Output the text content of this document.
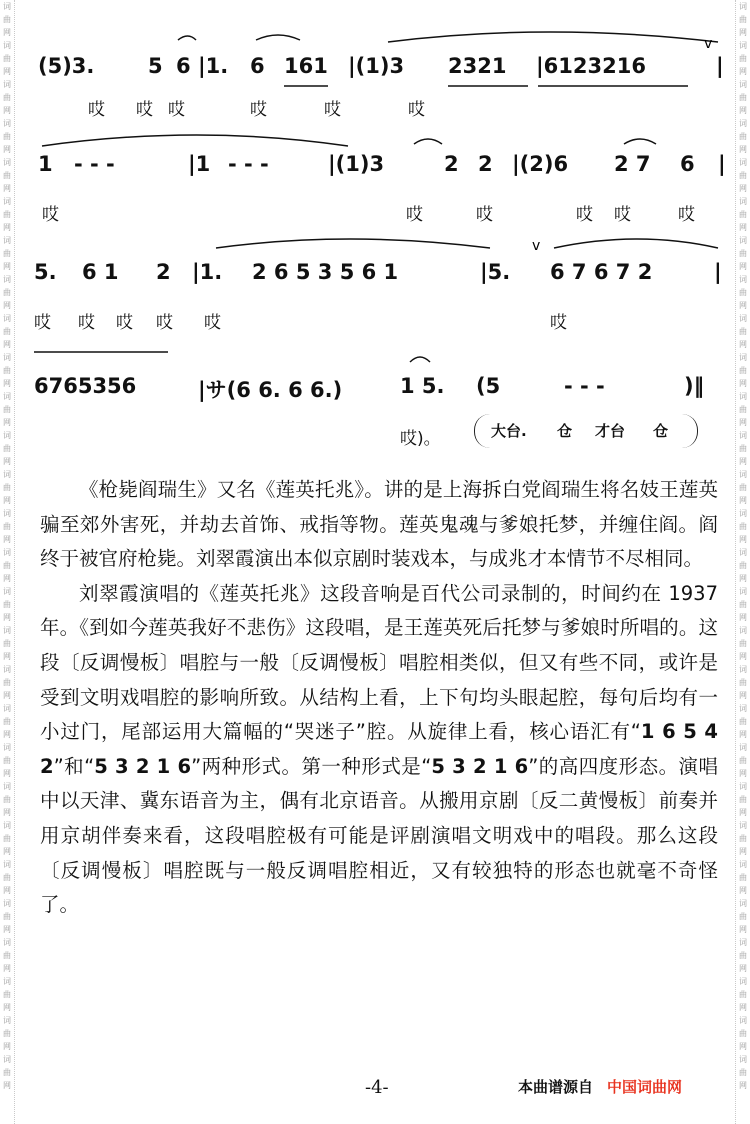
词
曲
网
词
曲
网
词
曲
网
词
曲
网
词
曲
网
词
曲
网
词
曲
网
词
曲
网
词
曲
网
词
曲
网
词
曲
网
词
曲
网
词
曲
网
词
曲
网
词
曲
网
词
曲
网
词
曲
网
词
曲
网
词
曲
网
词
曲
网
词
曲
网
词
曲
网
词
曲
网
词
曲
网
词
曲
网
词
曲
网
词
曲
网
词
曲
网
词
曲
网
词
曲
网
词
曲
网
词
曲
网
词
曲
网
词
曲
网
词
曲
网
词
曲
网
词
曲
网
词
曲
网
词
曲
网
词
曲
网
词
曲
网
词
曲
网
词
曲
网
词
曲
网
词
曲
网
词
曲
网
词
曲
网
词
曲
网
词
曲
网
词
曲
网
词
曲
网
词
曲
网
词
曲
网
词
曲
网
词
曲
网
词
曲
网
(5)3.	5 6 |1. 6 161 |(1)3 2321 |6123216	|
哎 哎 哎	哎	哎	哎
v
1 - - -	|1 - - -	|(1)3	2 2 |(2)6 2 7 6 |
哎	哎	哎	哎 哎	哎
5. 6 1 2 |1. 2 6 5 3 5 6 1	|5. 6 7 6 7 2	|
哎 哎 哎 哎 哎	哎
v
6765356	|サ(6 6. 6 6.)	1 5. (5	- - -	)‖
哎)。	大台. 仓 才台 仓

《枪毙阎瑞生》又名《莲英托兆》。讲的是上海拆白党阎瑞生将名妓王莲英骗至郊外害死，并劫去首饰、戒指等物。莲英鬼魂与爹娘托梦，并缠住阎。阎终于被官府枪毙。刘翠霞演出本似京剧时装戏本，与成兆才本情节不尽相同。

刘翠霞演唱的《莲英托兆》这段音响是百代公司录制的，时间约在 1937 年。《到如今莲英我好不悲伤》这段唱，是王莲英死后托梦与爹娘时所唱的。这段〔反调慢板〕唱腔与一般〔反调慢板〕唱腔相类似，但又有些不同，或许是受到文明戏唱腔的影响所致。从结构上看，上下句均头眼起腔，每句后均有一小过门，尾部运用大篇幅的“哭迷子”腔。从旋律上看，核心语汇有“1 6 5 4 2”和“5 3 2 1 6”两种形式。第一种形式是“5 3 2 1 6”的高四度形态。演唱中以天津、冀东语音为主，偶有北京语音。从搬用京剧〔反二黄慢板〕前奏并用京胡伴奏来看，这段唱腔极有可能是评剧演唱文明戏中的唱段。那么这段〔反调慢板〕唱腔既与一般反调唱腔相近，又有较独特的形态也就毫不奇怪了。

-4-	本曲谱源自 中国词曲网
